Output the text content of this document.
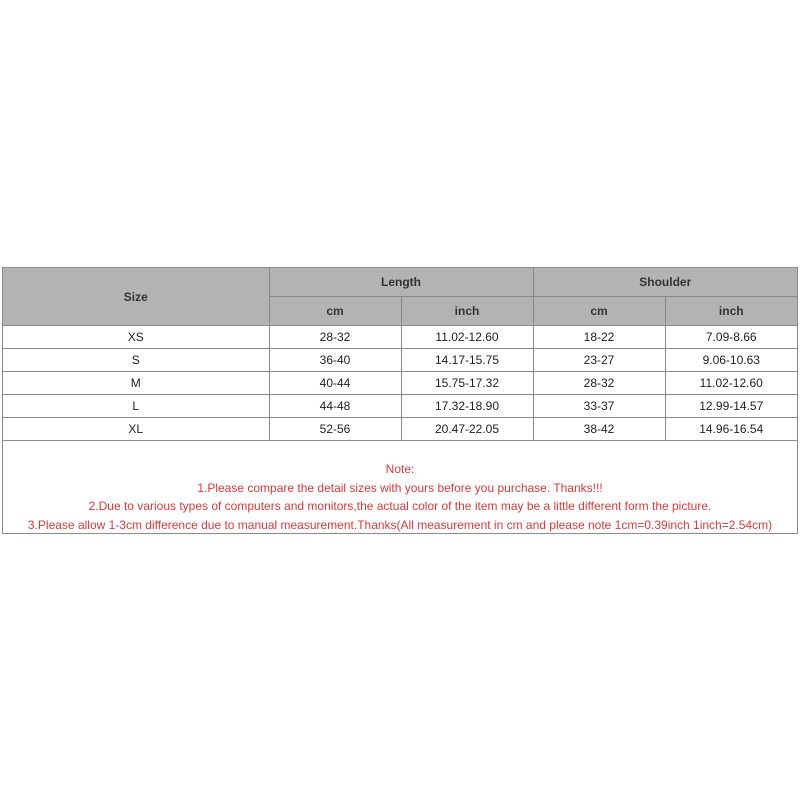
Size	Length		Shoulder	
	cm	inch	cm	inch
XS	28-32	11.02-12.60	18-22	7.09-8.66
S	36-40	14.17-15.75	23-27	9.06-10.63
M	40-44	15.75-17.32	28-32	11.02-12.60
L	44-48	17.32-18.90	33-37	12.99-14.57
XL	52-56	20.47-22.05	38-42	14.96-16.54
Note:
1.Please compare the detail sizes with yours before you purchase. Thanks!!!
2.Due to various types of computers and monitors,the actual color of the item may be a little different form the picture.
3.Please allow 1-3cm difference due to manual measurement.Thanks(All measurement in cm and please note 1cm=0.39inch 1inch=2.54cm)
